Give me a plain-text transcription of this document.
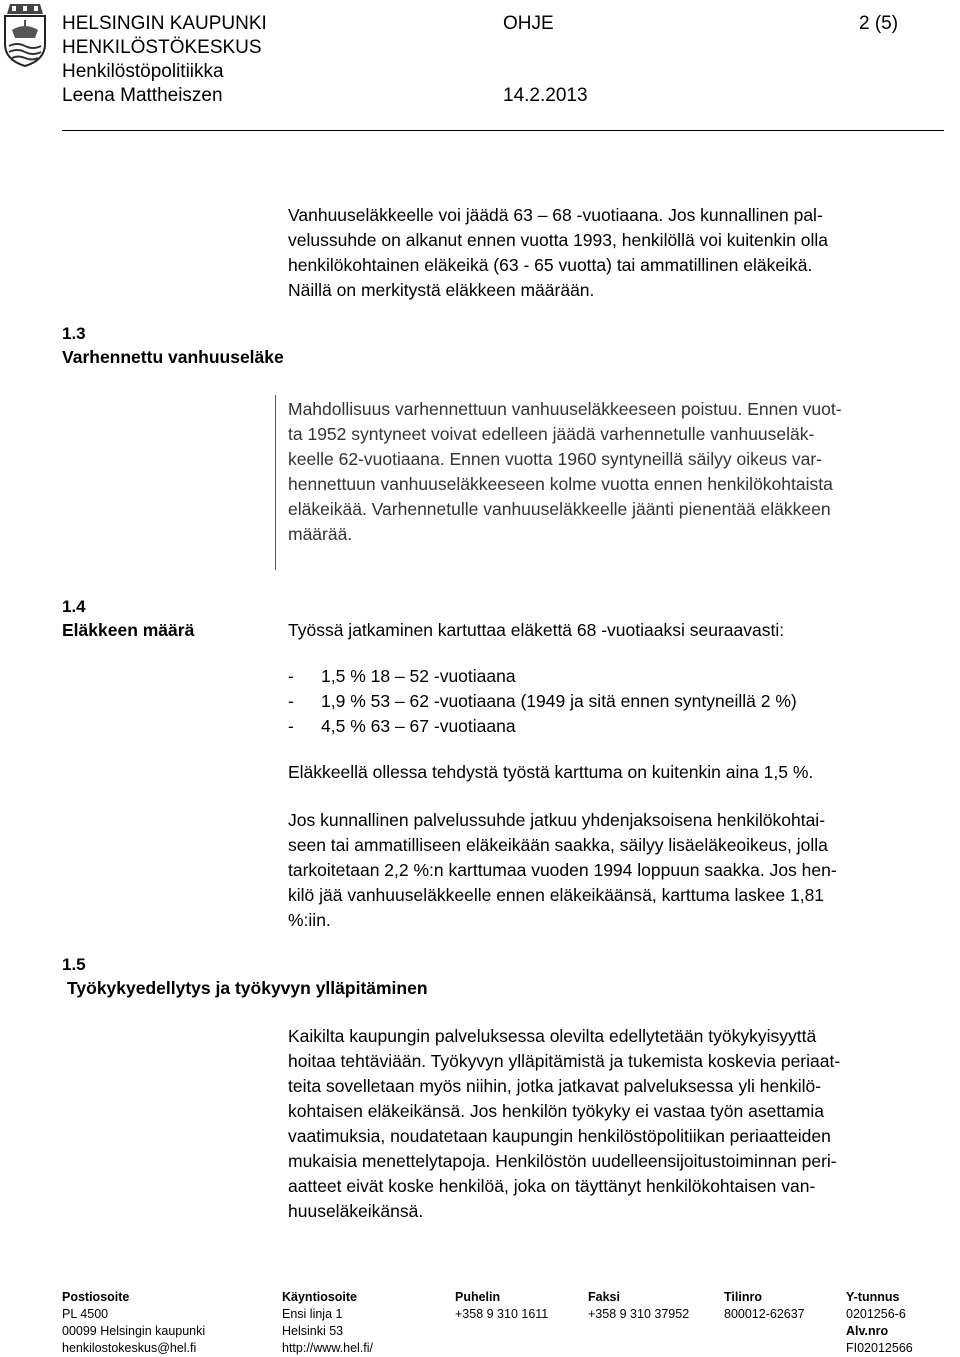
HELSINGIN KAUPUNKI
HENKILÖSTÖKESKUS
Henkilöstöpolitiikka
Leena Mattheiszen
OHJE	2 (5)
14.2.2013
Vanhuuseläkkeelle voi jäädä 63 – 68 -vuotiaana. Jos kunnallinen pal-
velussuhde on alkanut ennen vuotta 1993, henkilöllä voi kuitenkin olla
henkilökohtainen eläkeikä (63 - 65 vuotta) tai ammatillinen eläkeikä.
Näillä on merkitystä eläkkeen määrään.
1.3
Varhennettu vanhuuseläke
Mahdollisuus varhennettuun vanhuuseläkkeeseen poistuu. Ennen vuot-
ta 1952 syntyneet voivat edelleen jäädä varhennetulle vanhuuseläk-
keelle 62-vuotiaana. Ennen vuotta 1960 syntyneillä säilyy oikeus var-
hennettuun vanhuuseläkkeeseen kolme vuotta ennen henkilökohtaista
eläkeikää. Varhennetulle vanhuuseläkkeelle jäänti pienentää eläkkeen
määrää.
1.4
Eläkkeen määrä	Työssä jatkaminen kartuttaa eläkettä 68 -vuotiaaksi seuraavasti:
-	1,5 % 18 – 52 -vuotiaana
-	1,9 % 53 – 62 -vuotiaana (1949 ja sitä ennen syntyneillä 2 %)
-	4,5 % 63 – 67 -vuotiaana
Eläkkeellä ollessa tehdystä työstä karttuma on kuitenkin aina 1,5 %.
Jos kunnallinen palvelussuhde jatkuu yhdenjaksoisena henkilökohtai-
seen tai ammatilliseen eläkeikään saakka, säilyy lisäeläkeoikeus, jolla
tarkoitetaan 2,2 %:n karttumaa vuoden 1994 loppuun saakka. Jos hen-
kilö jää vanhuuseläkkeelle ennen eläkeikäänsä, karttuma laskee 1,81
%:iin.
1.5
Työkykyedellytys ja työkyvyn ylläpitäminen
Kaikilta kaupungin palveluksessa olevilta edellytetään työkykyisyyttä
hoitaa tehtäviään. Työkyvyn ylläpitämistä ja tukemista koskevia periaat-
teita sovelletaan myös niihin, jotka jatkavat palveluksessa yli henkilö-
kohtaisen eläkeikänsä. Jos henkilön työkyky ei vastaa työn asettamia
vaatimuksia, noudatetaan kaupungin henkilöstöpolitiikan periaatteiden
mukaisia menettelytapoja. Henkilöstön uudelleensijoitustoiminnan peri-
aatteet eivät koske henkilöä, joka on täyttänyt henkilökohtaisen van-
huuseläkeikänsä.
Postiosoite
PL 4500
00099 Helsingin kaupunki
henkilostokeskus@hel.fi
Käyntiosoite
Ensi linja 1
Helsinki 53
http://www.hel.fi/
Puhelin
+358 9 310 1611
Faksi
+358 9 310 37952
Tilinro
800012-62637
Y-tunnus
0201256-6
Alv.nro
FI02012566
